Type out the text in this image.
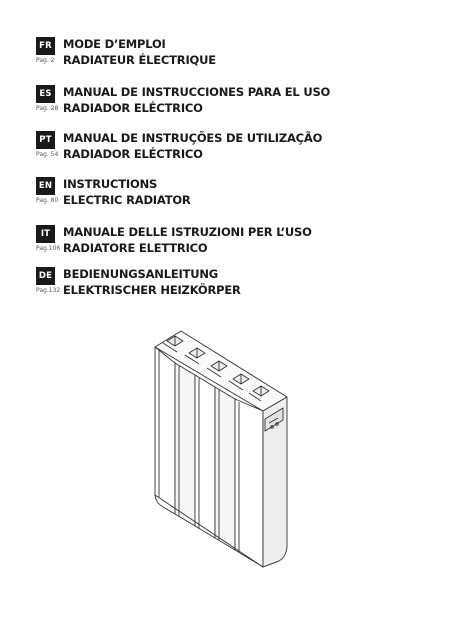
FR
Pag. 2
MODE D’EMPLOI
RADIATEUR ÉLECTRIQUE
ES
Pag. 28
MANUAL DE INSTRUCCIONES PARA EL USO
RADIADOR ELÉCTRICO
PT
Pag. 54
MANUAL DE INSTRUÇÕES DE UTILIZAÇÃO
RADIADOR ELÉCTRICO
EN
Pag. 80
INSTRUCTIONS
ELECTRIC RADIATOR
IT
Pag.106
MANUALE DELLE ISTRUZIONI PER L’USO
RADIATORE ELETTRICO
DE
Pag.132
BEDIENUNGSANLEITUNG
ELEKTRISCHER HEIZKÖRPER
